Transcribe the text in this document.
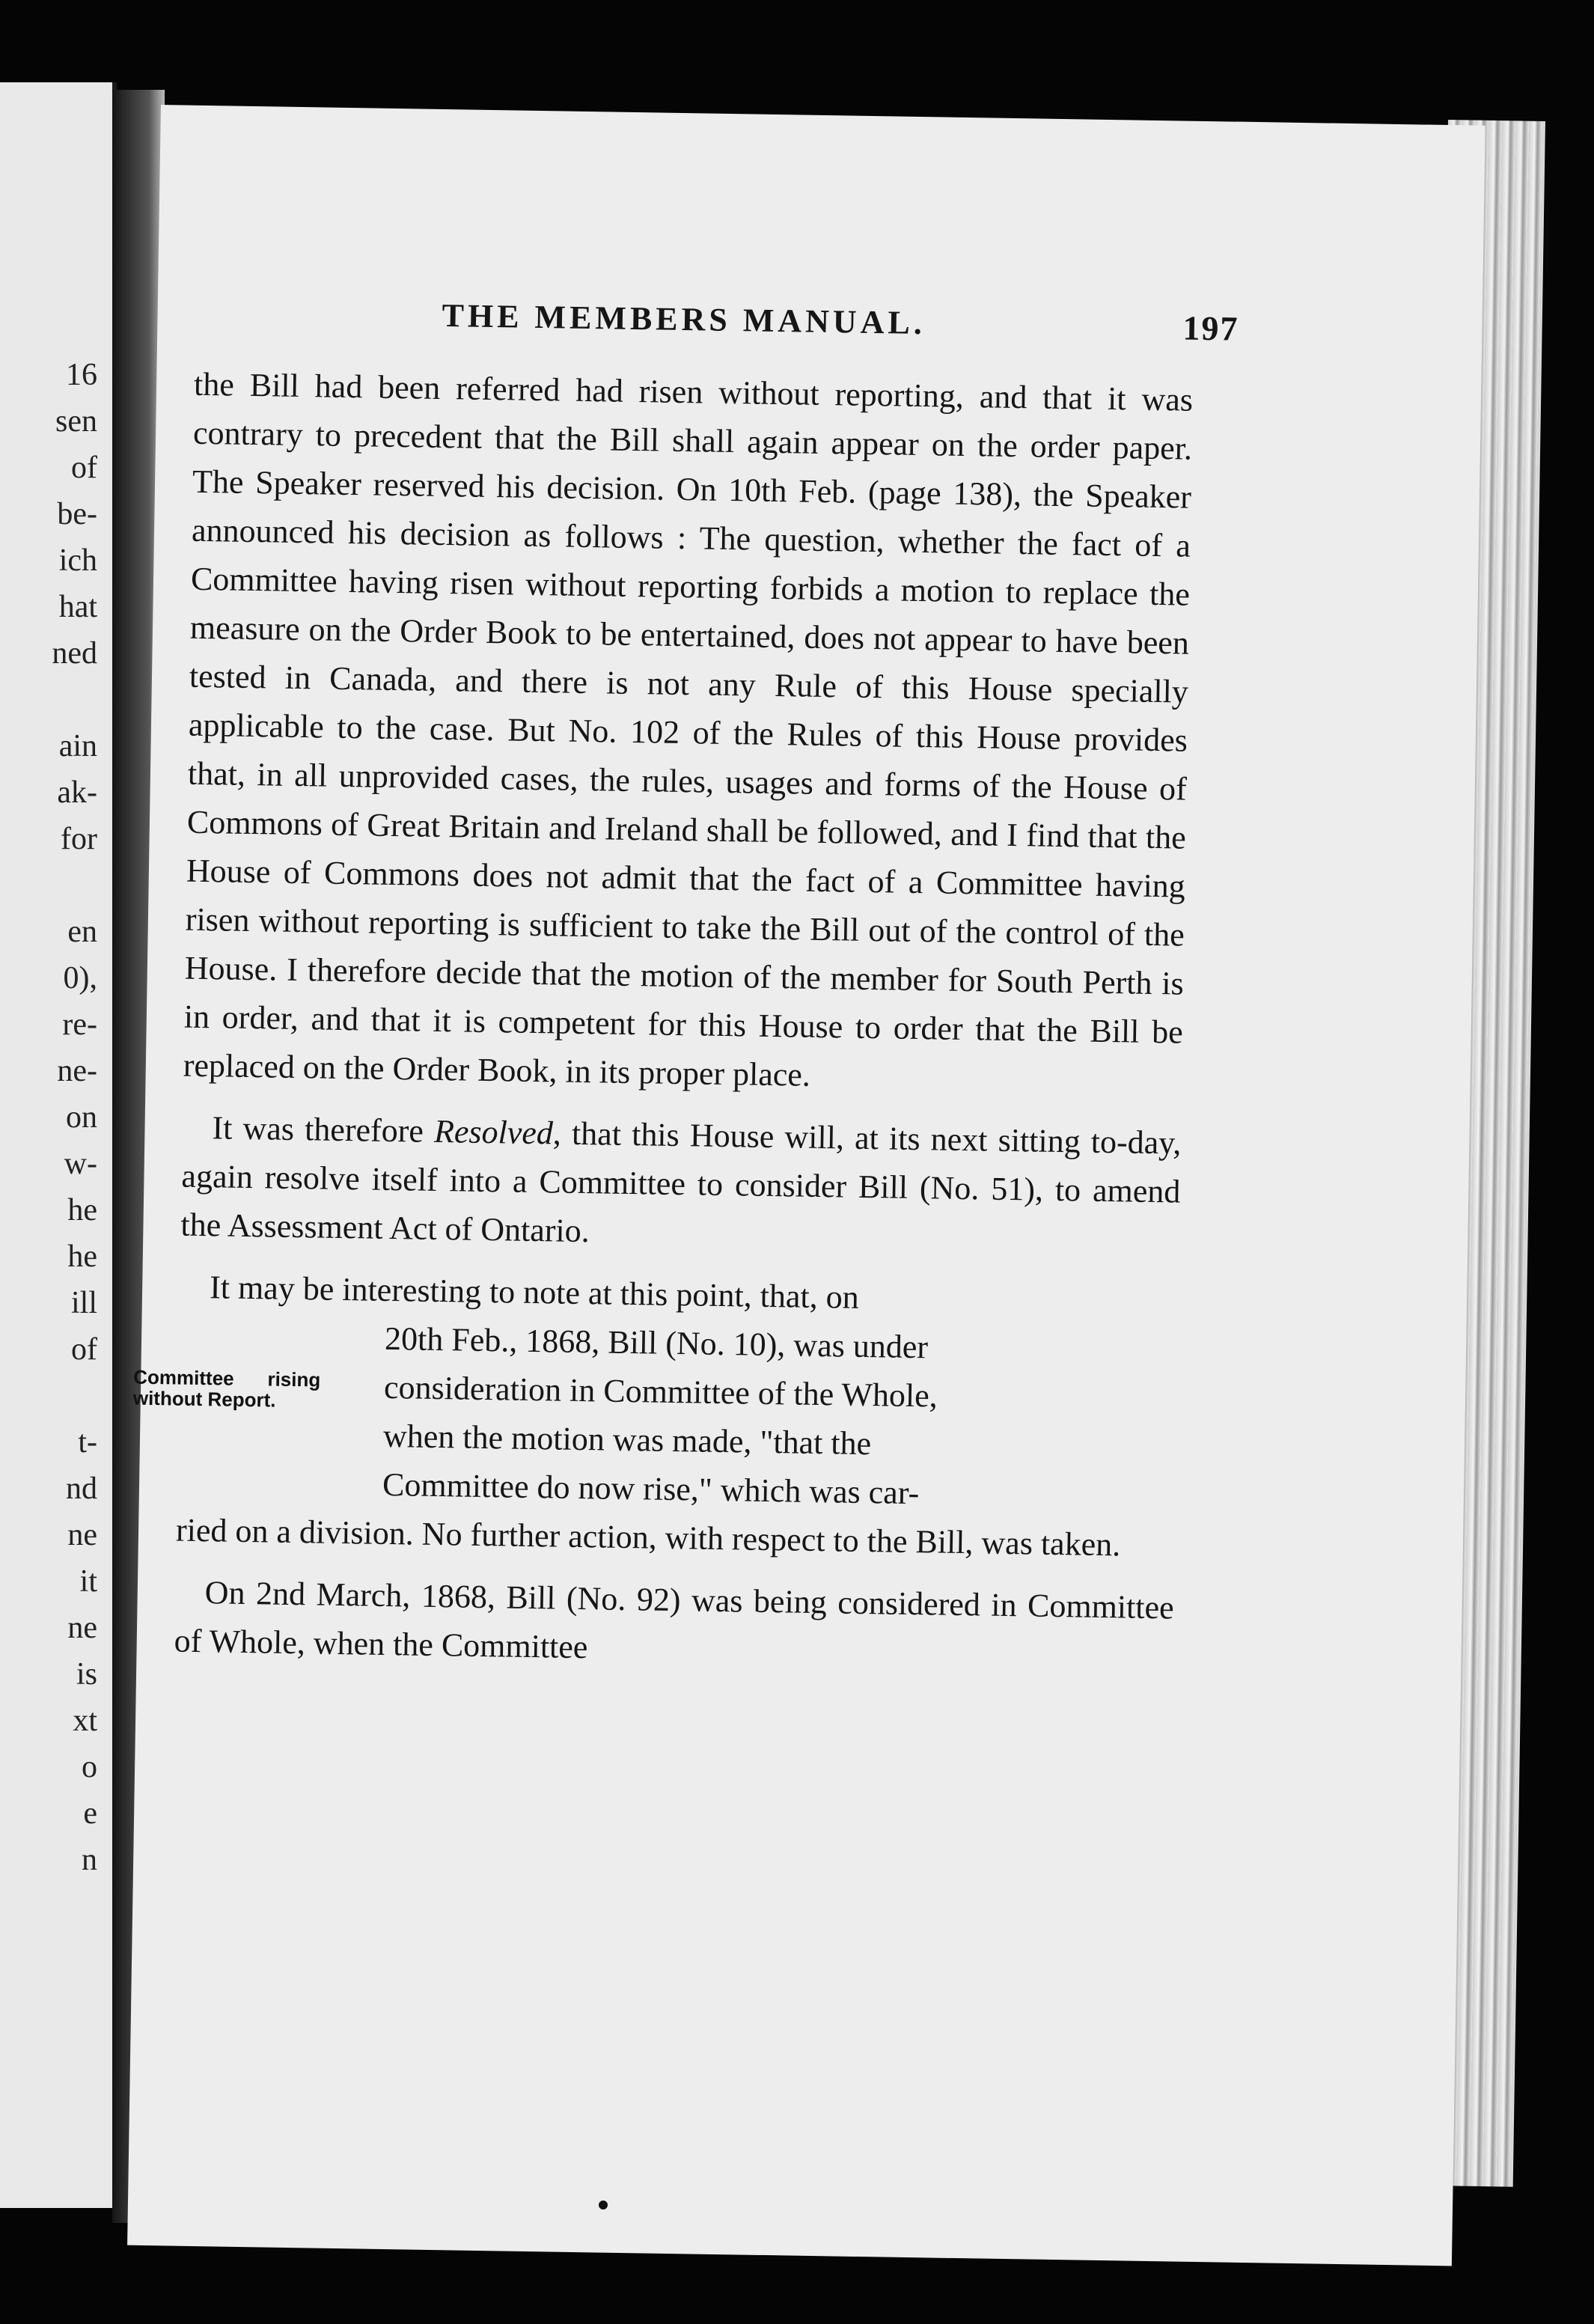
16
sen
of
be-
ich
hat
ned

ain
ak-
for

en
0),
re-
ne-
on
w-
he
he
ill
of

t-
nd
ne
it
ne
is
xt
o
e
n
THE MEMBERS MANUAL.	197

the Bill had been referred had risen without reporting, and that it was contrary to precedent that the Bill shall again appear on the order paper. The Speaker reserved his decision. On 10th Feb. (page 138), the Speaker announced his decision as follows : The question, whether the fact of a Committee having risen without reporting forbids a motion to replace the measure on the Order Book to be entertained, does not appear to have been tested in Canada, and there is not any Rule of this House specially applicable to the case. But No. 102 of the Rules of this House provides that, in all unprovided cases, the rules, usages and forms of the House of Commons of Great Britain and Ireland shall be followed, and I find that the House of Commons does not admit that the fact of a Committee having risen without reporting is sufficient to take the Bill out of the control of the House. I therefore decide that the motion of the member for South Perth is in order, and that it is competent for this House to order that the Bill be replaced on the Order Book, in its proper place.

It was therefore Resolved, that this House will, at its next sitting to-day, again resolve itself into a Committee to consider Bill (No. 51), to amend the Assessment Act of Ontario.

Committee rising without Report.
It may be interesting to note at this point, that, on
20th Feb., 1868, Bill (No. 10), was under
consideration in Committee of the Whole,
when the motion was made, "that the
Committee do now rise," which was car-
ried on a division. No further action, with respect to the Bill, was taken.

On 2nd March, 1868, Bill (No. 92) was being considered in Committee of Whole, when the Committee
